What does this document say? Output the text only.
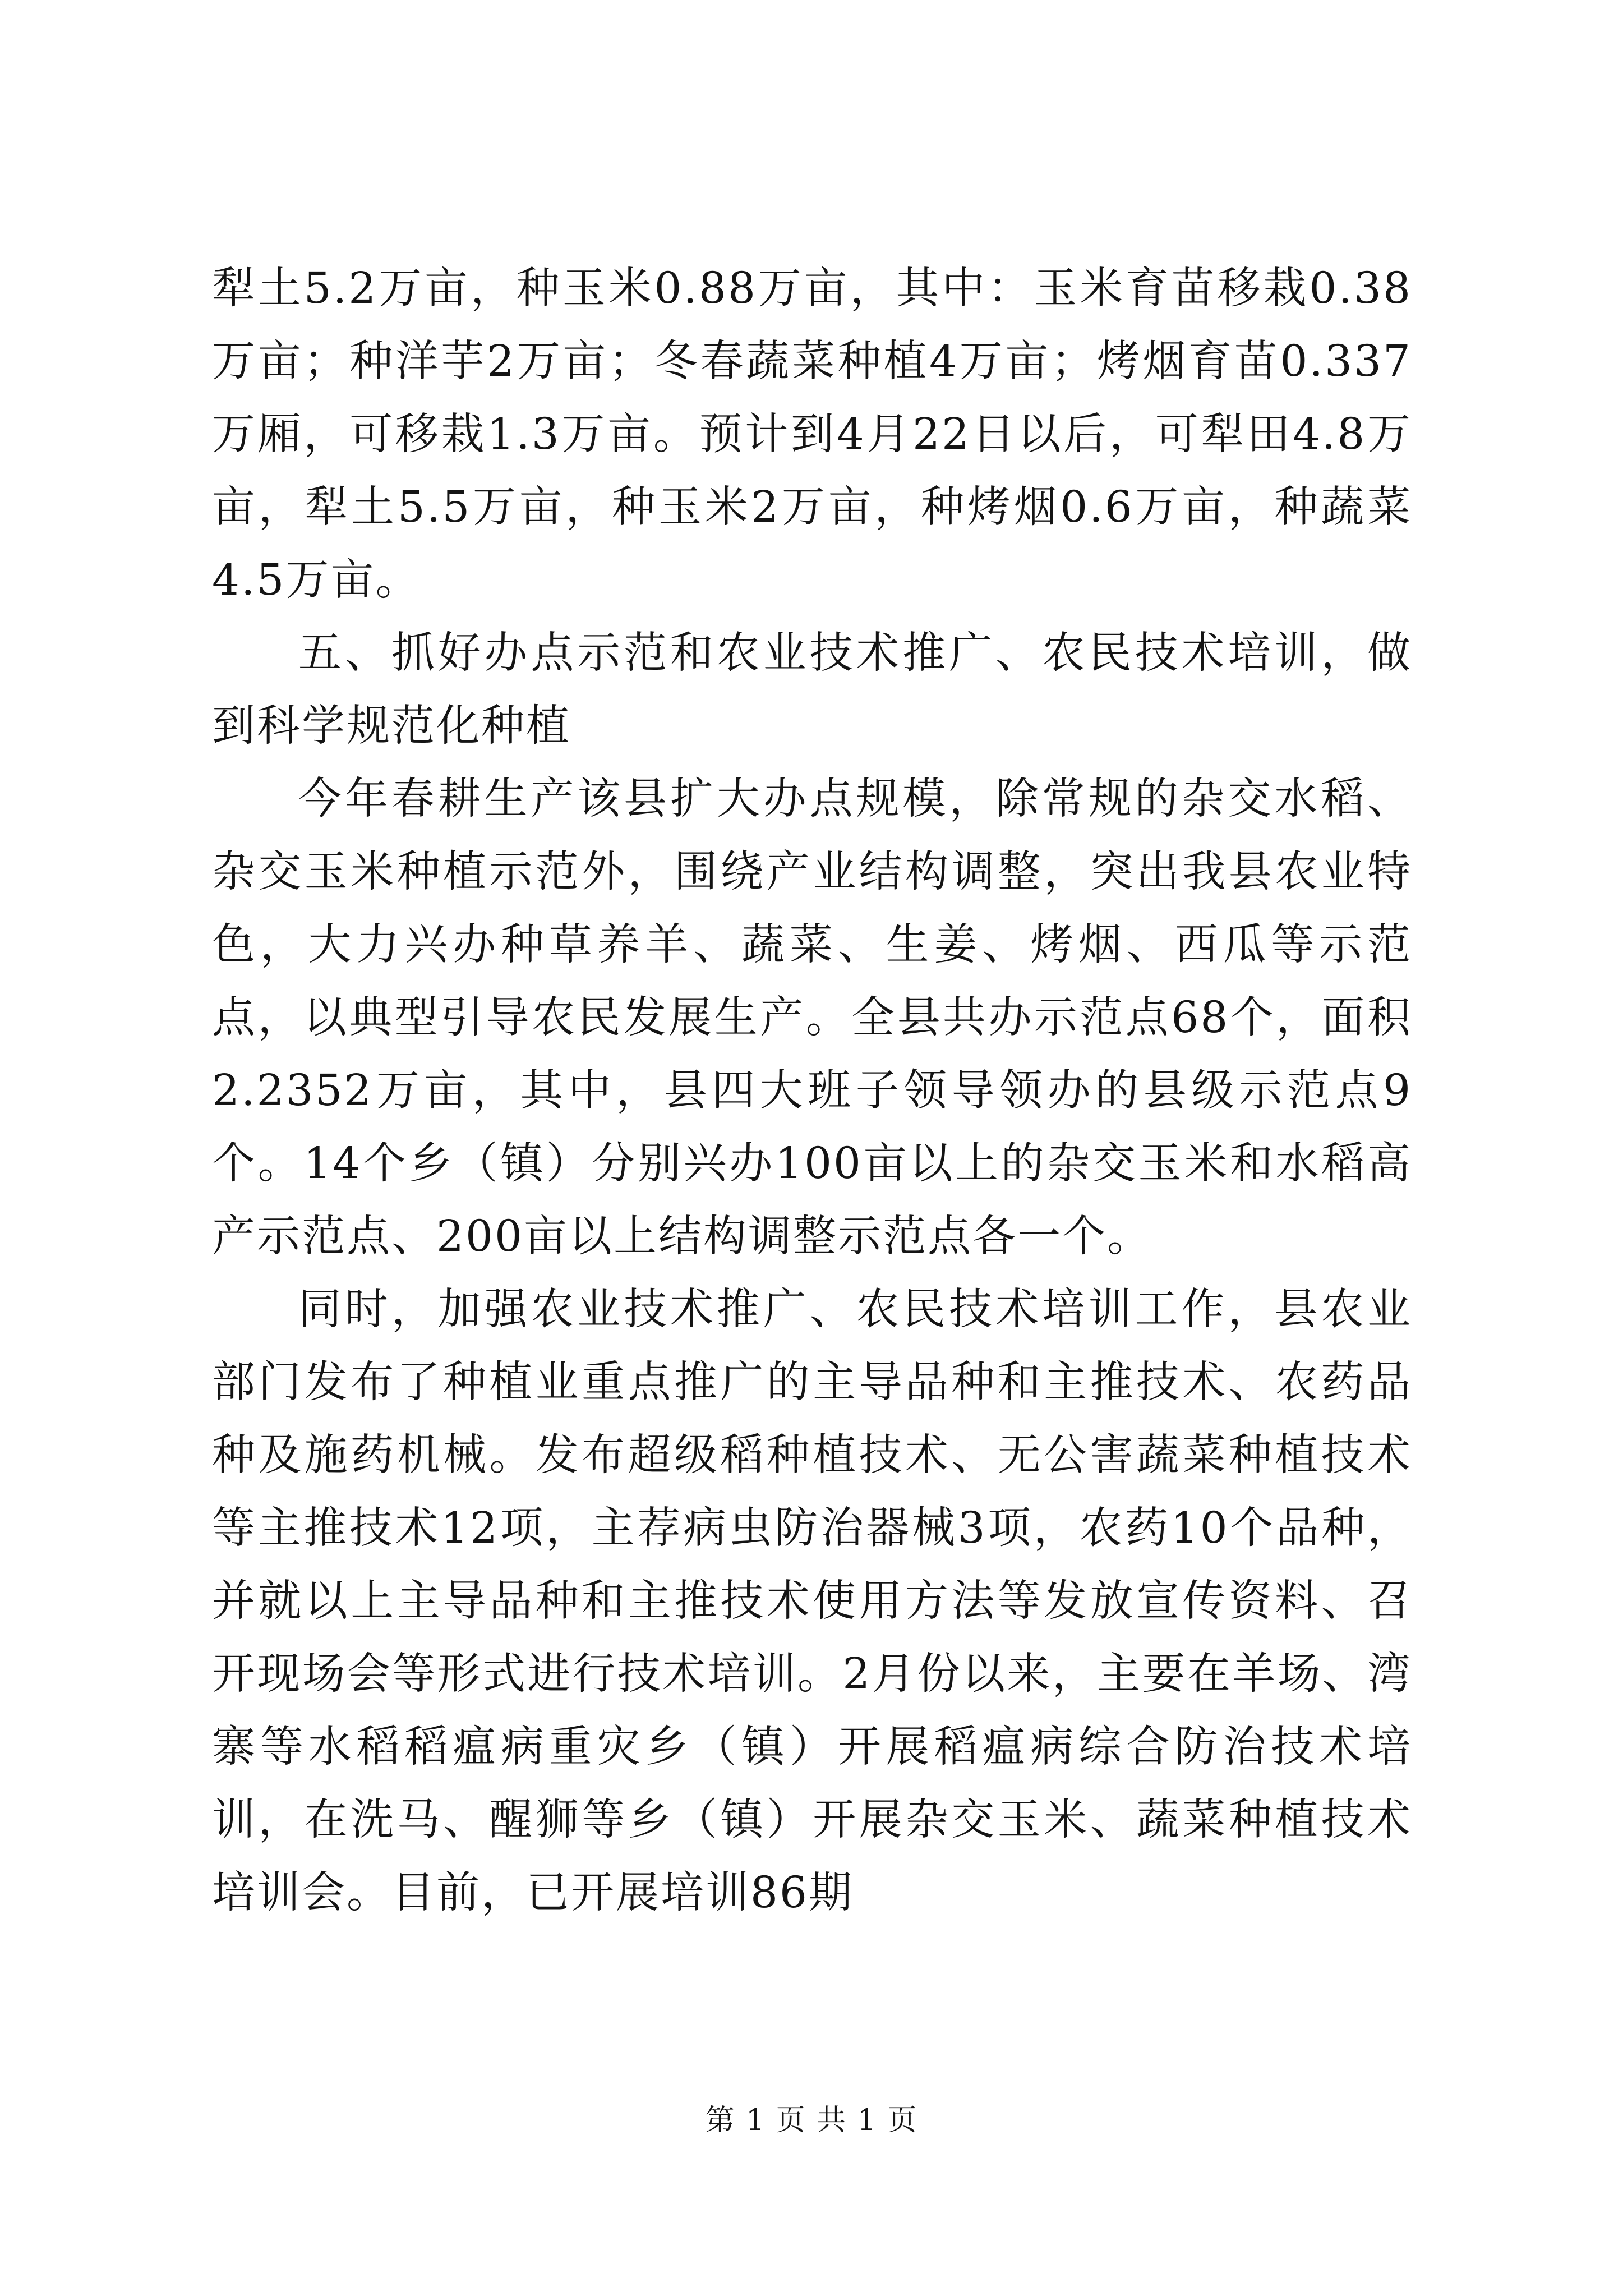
犁土5.2万亩，种玉米0.88万亩，其中：玉米育苗移栽0.38万亩；种洋芋2万亩；冬春蔬菜种植4万亩；烤烟育苗0.337万厢，可移栽1.3万亩。预计到4月22日以后，可犁田4.8万亩，犁土5.5万亩，种玉米2万亩，种烤烟0.6万亩，种蔬菜4.5万亩。

五、抓好办点示范和农业技术推广、农民技术培训，做到科学规范化种植

今年春耕生产该县扩大办点规模，除常规的杂交水稻、杂交玉米种植示范外，围绕产业结构调整，突出我县农业特色，大力兴办种草养羊、蔬菜、生姜、烤烟、西瓜等示范点，以典型引导农民发展生产。全县共办示范点68个，面积2.2352万亩，其中，县四大班子领导领办的县级示范点9个。14个乡（镇）分别兴办100亩以上的杂交玉米和水稻高产示范点、200亩以上结构调整示范点各一个。

同时，加强农业技术推广、农民技术培训工作，县农业部门发布了种植业重点推广的主导品种和主推技术、农药品种及施药机械。发布超级稻种植技术、无公害蔬菜种植技术等主推技术12项，主荐病虫防治器械3项，农药10个品种，并就以上主导品种和主推技术使用方法等发放宣传资料、召开现场会等形式进行技术培训。2月份以来，主要在羊场、湾寨等水稻稻瘟病重灾乡（镇）开展稻瘟病综合防治技术培训，在洗马、醒狮等乡（镇）开展杂交玉米、蔬菜种植技术培训会。目前，已开展培训86期

第 1 页 共 1 页
